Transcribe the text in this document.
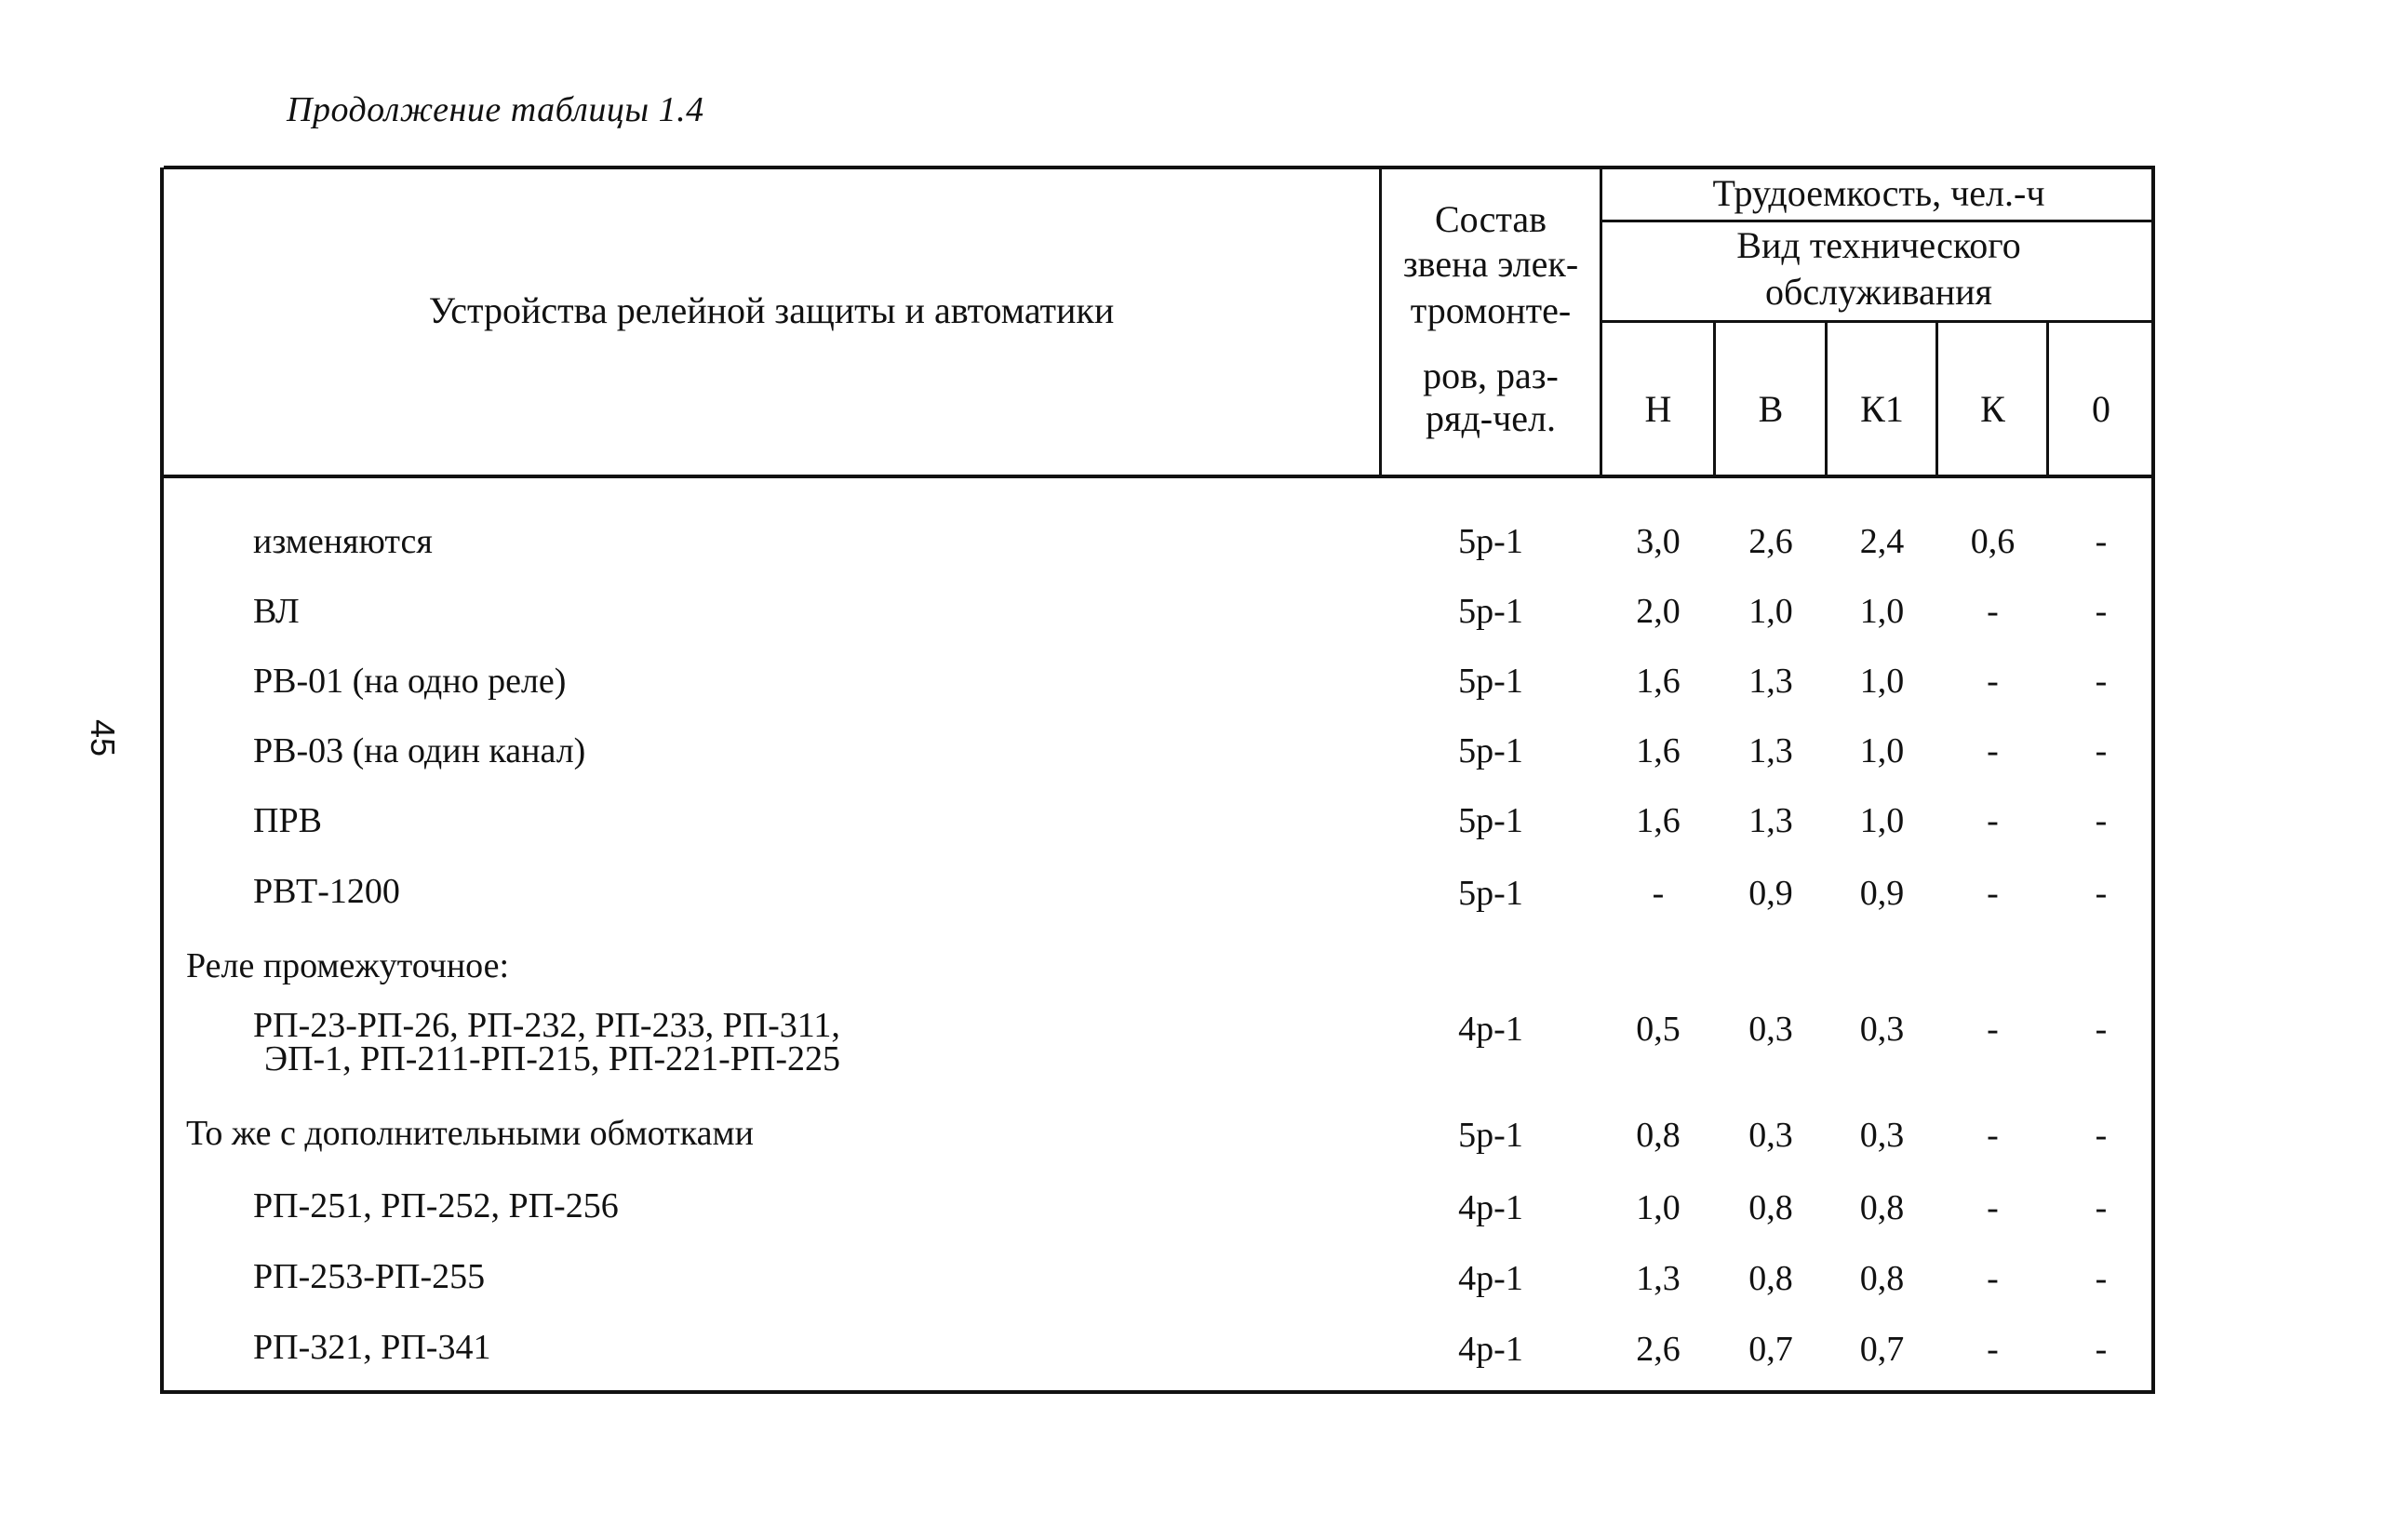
Продолжение таблицы 1.4
45
Устройства релейной защиты и автоматики
Состав
звена элек-
тромонте-
ров, раз-
ряд-чел.
Трудоемкость, чел.-ч
Вид технического
обслуживания
Н	В	К1	К	0
изменяются	5р-1	3,0	2,6	2,4	0,6	-
ВЛ	5р-1	2,0	1,0	1,0	-	-
РВ-01 (на одно реле)	5р-1	1,6	1,3	1,0	-	-
РВ-03 (на один канал)	5р-1	1,6	1,3	1,0	-	-
ПРВ	5р-1	1,6	1,3	1,0	-	-
РВТ-1200	5р-1	-	0,9	0,9	-	-
Реле промежуточное:
РП-23-РП-26, РП-232, РП-233, РП-311,
ЭП-1, РП-211-РП-215, РП-221-РП-225
4р-1	0,5	0,3	0,3	-	-
То же с дополнительными обмотками	5р-1	0,8	0,3	0,3	-	-
РП-251, РП-252, РП-256	4р-1	1,0	0,8	0,8	-	-
РП-253-РП-255	4р-1	1,3	0,8	0,8	-	-
РП-321, РП-341	4р-1	2,6	0,7	0,7	-	-
